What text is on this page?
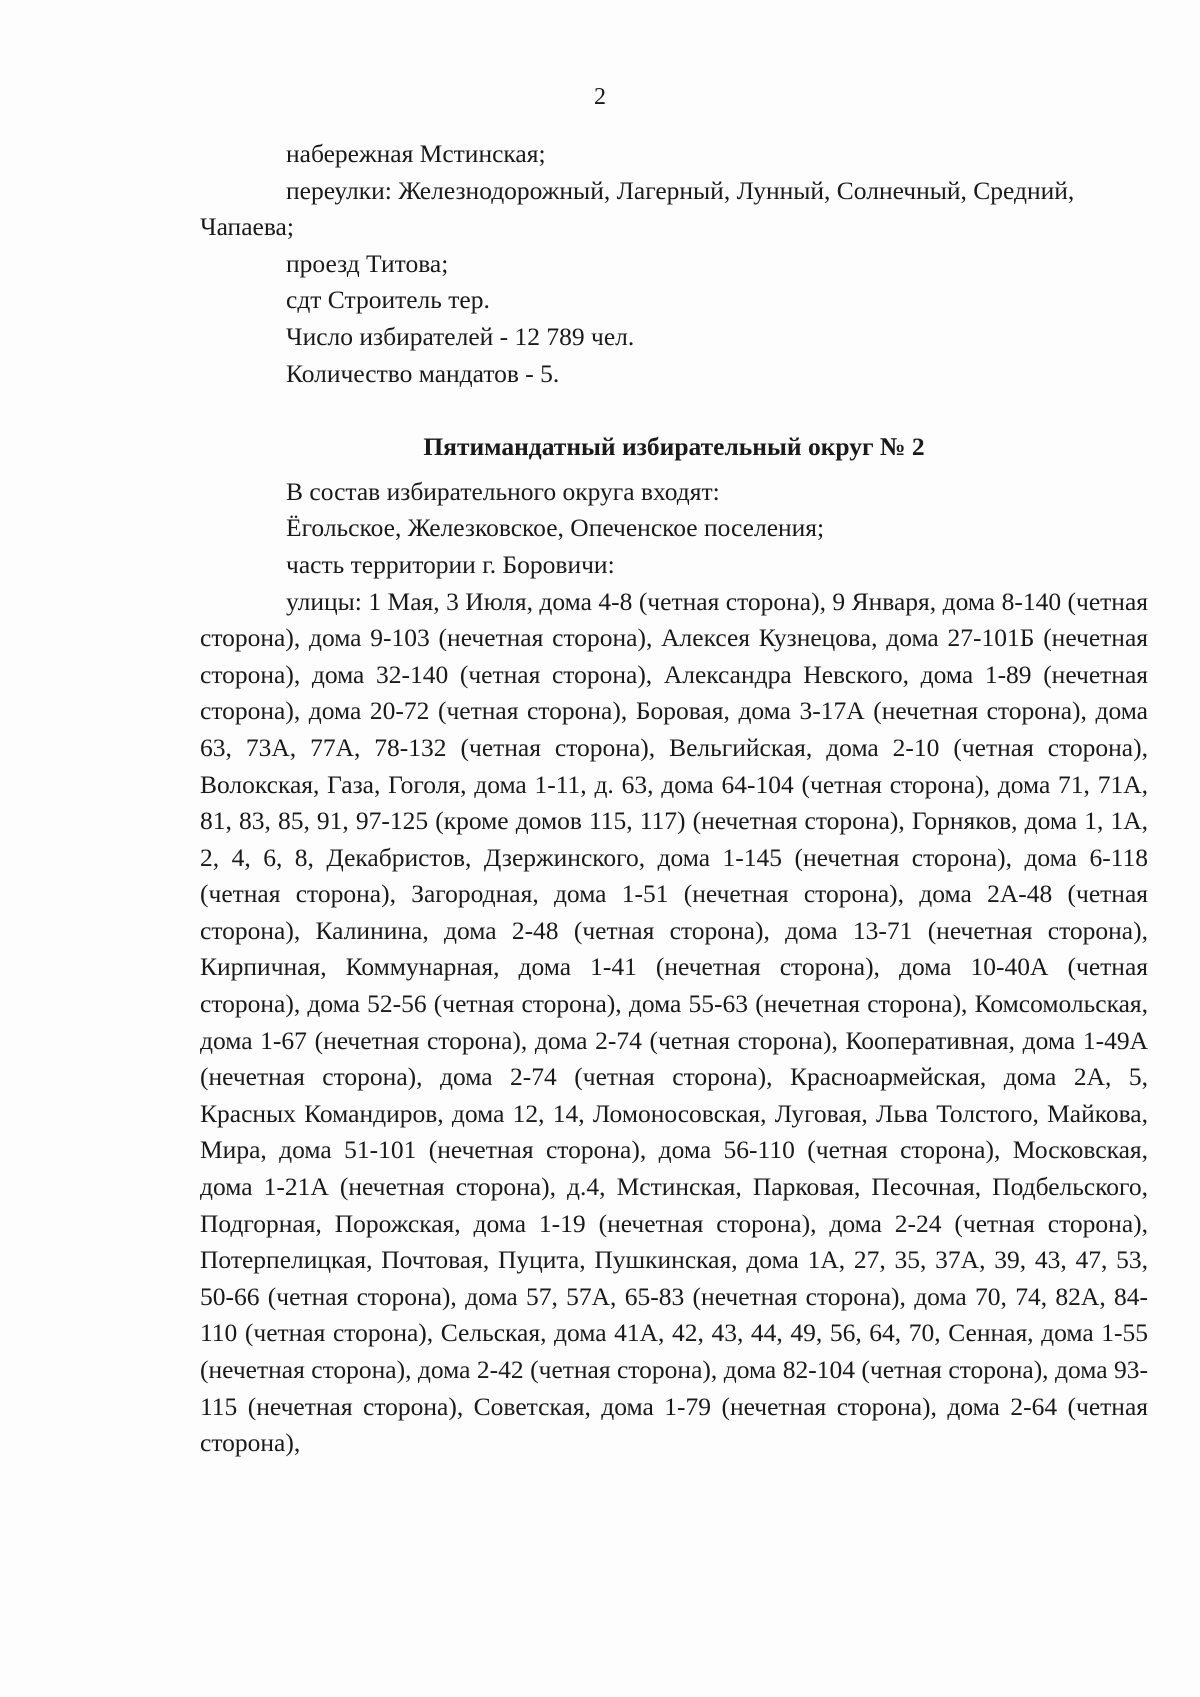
2

набережная Мстинская;

переулки: Железнодорожный, Лагерный, Лунный, Солнечный, Средний,

Чапаева;

проезд Титова;

сдт Строитель тер.

Число избирателей - 12 789 чел.

Количество мандатов - 5.

Пятимандатный избирательный округ № 2

В состав избирательного округа входят:

Ёгольское, Железковское, Опеченское поселения;

часть территории г. Боровичи:

улицы: 1 Мая, 3 Июля, дома 4-8 (четная сторона), 9 Января, дома 8-140 (четная сторона), дома 9-103 (нечетная сторона), Алексея Кузнецова, дома 27-101Б (нечетная сторона), дома 32-140 (четная сторона), Александра Невского, дома 1-89 (нечетная сторона), дома 20-72 (четная сторона), Боровая, дома 3-17А (нечетная сторона), дома 63, 73А, 77А, 78-132 (четная сторона), Вельгийская, дома 2-10 (четная сторона), Волокская, Газа, Гоголя, дома 1-11, д. 63, дома 64-104 (четная сторона), дома 71, 71А, 81, 83, 85, 91, 97-125 (кроме домов 115, 117) (нечетная сторона), Горняков, дома 1, 1А, 2, 4, 6, 8, Декабристов, Дзержинского, дома 1-145 (нечетная сторона), дома 6-118 (четная сторона), Загородная, дома 1-51 (нечетная сторона), дома 2А-48 (четная сторона), Калинина, дома 2-48 (четная сторона), дома 13-71 (нечетная сторона), Кирпичная, Коммунарная, дома 1-41 (нечетная сторона), дома 10-40А (четная сторона), дома 52-56 (четная сторона), дома 55-63 (нечетная сторона), Комсомольская, дома 1-67 (нечетная сторона), дома 2-74 (четная сторона), Кооперативная, дома 1-49А (нечетная сторона), дома 2-74 (четная сторона), Красноармейская, дома 2А, 5, Красных Командиров, дома 12, 14, Ломоносовская, Луговая, Льва Толстого, Майкова, Мира, дома 51-101 (нечетная сторона), дома 56-110 (четная сторона), Московская, дома 1-21А (нечетная сторона), д.4, Мстинская, Парковая, Песочная, Подбельского, Подгорная, Порожская, дома 1-19 (нечетная сторона), дома 2-24 (четная сторона), Потерпелицкая, Почтовая, Пуцита, Пушкинская, дома 1А, 27, 35, 37А, 39, 43, 47, 53, 50-66 (четная сторона), дома 57, 57А, 65-83 (нечетная сторона), дома 70, 74, 82А, 84-110 (четная сторона), Сельская, дома 41А, 42, 43, 44, 49, 56, 64, 70, Сенная, дома 1-55 (нечетная сторона), дома 2-42 (четная сторона), дома 82-104 (четная сторона), дома 93-115 (нечетная сторона), Советская, дома 1-79 (нечетная сторона), дома 2-64 (четная сторона),
